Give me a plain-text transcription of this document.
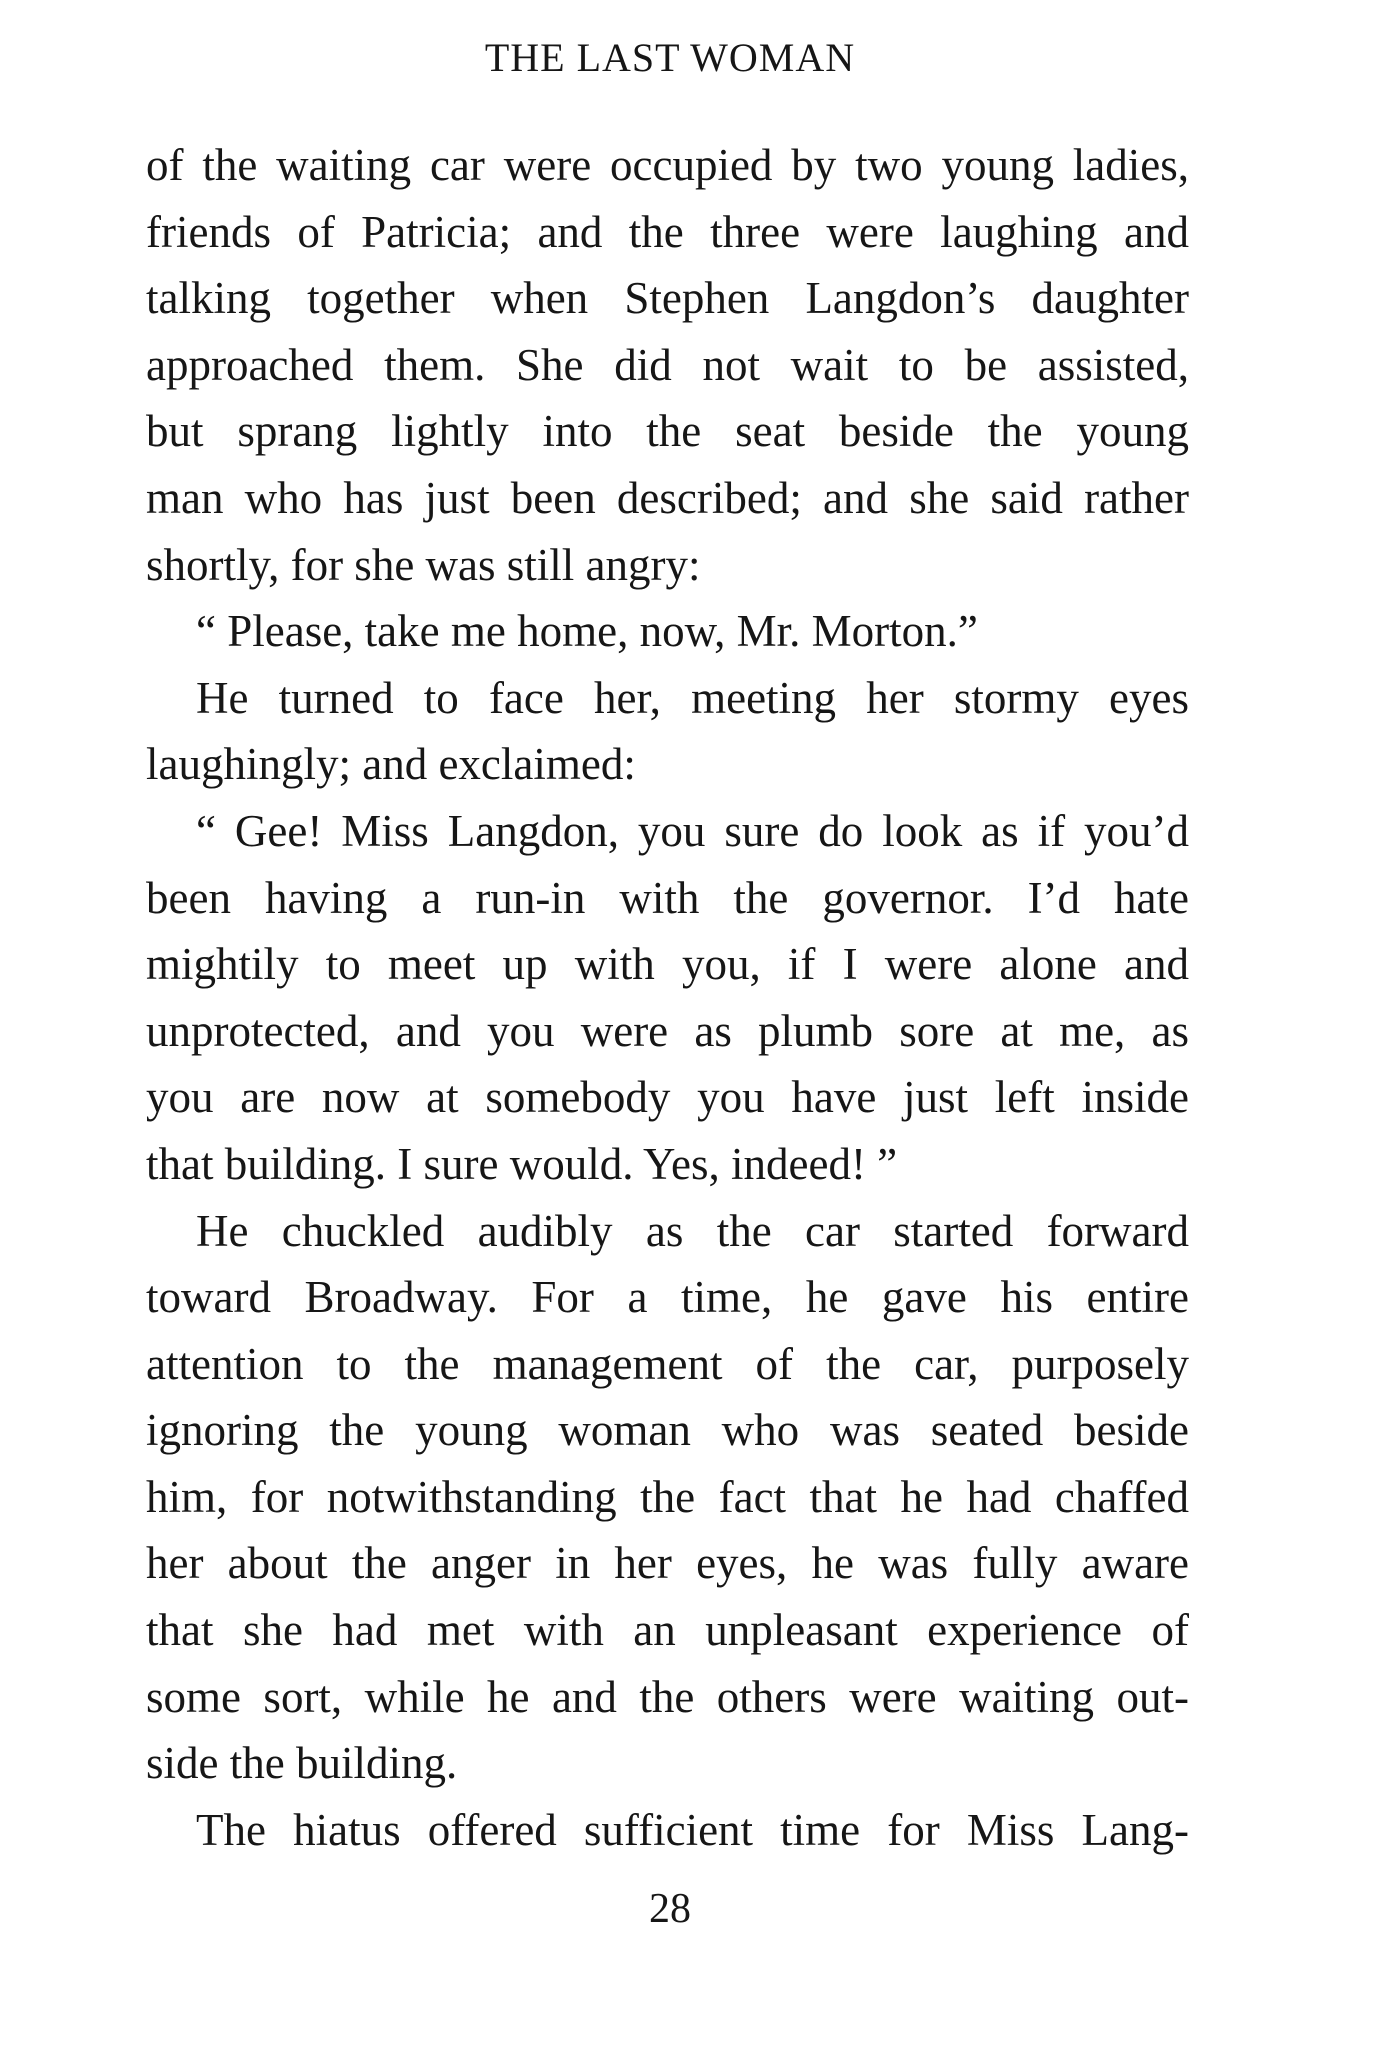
THE LAST WOMAN
of the waiting car were occupied by two young ladies,
friends of Patricia; and the three were laughing and
talking together when Stephen Langdon’s daughter
approached them. She did not wait to be assisted,
but sprang lightly into the seat beside the young
man who has just been described; and she said rather
shortly, for she was still angry:
“ Please, take me home, now, Mr. Morton.”
He turned to face her, meeting her stormy eyes
laughingly; and exclaimed:
“ Gee! Miss Langdon, you sure do look as if you’d
been having a run-in with the governor. I’d hate
mightily to meet up with you, if I were alone and
unprotected, and you were as plumb sore at me, as
you are now at somebody you have just left inside
that building. I sure would. Yes, indeed! ”
He chuckled audibly as the car started forward
toward Broadway. For a time, he gave his entire
attention to the management of the car, purposely
ignoring the young woman who was seated beside
him, for notwithstanding the fact that he had chaffed
her about the anger in her eyes, he was fully aware
that she had met with an unpleasant experience of
some sort, while he and the others were waiting out-
side the building.
The hiatus offered sufficient time for Miss Lang-
28
